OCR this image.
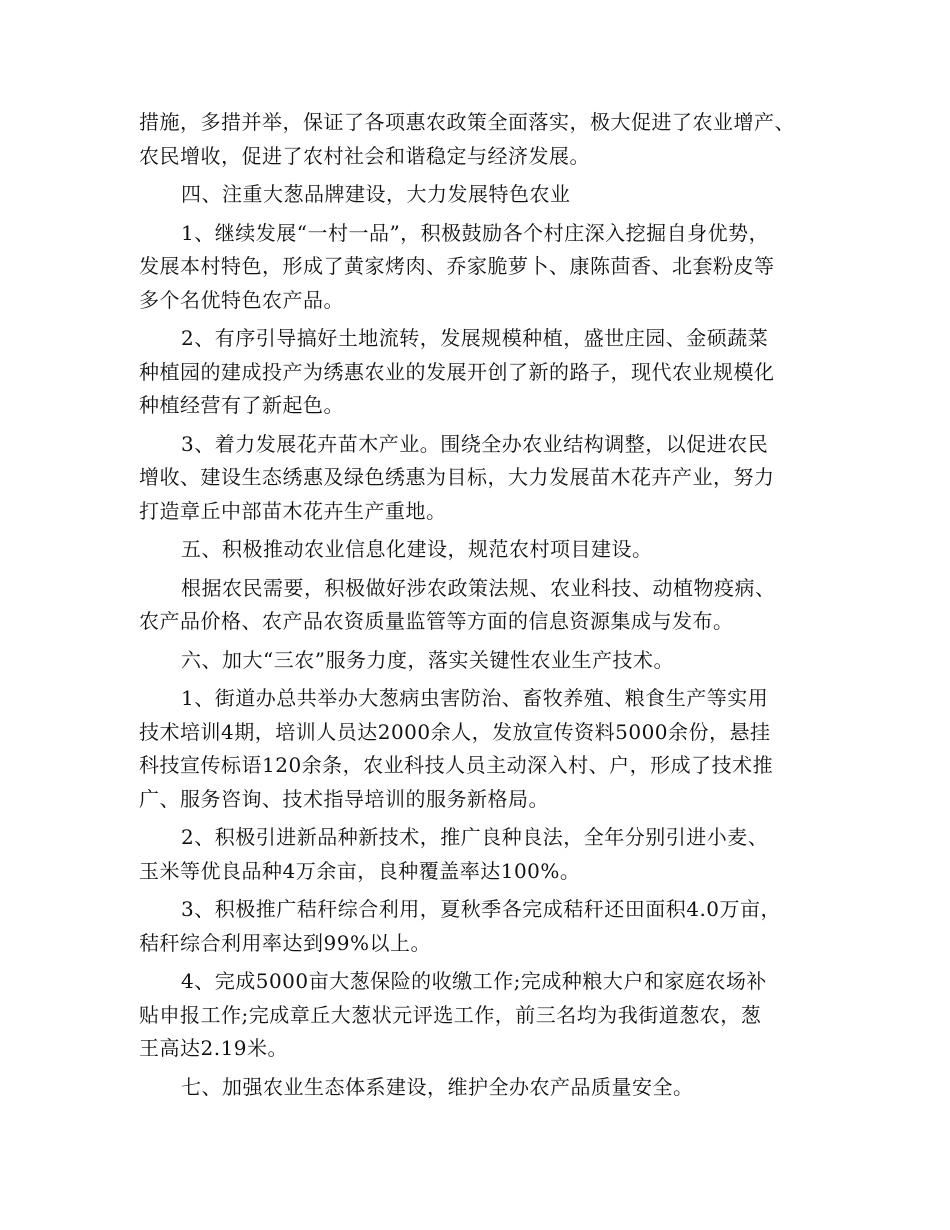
措施，多措并举，保证了各项惠农政策全面落实，极大促进了农业增产、
农民增收，促进了农村社会和谐稳定与经济发展。
四、注重大葱品牌建设，大力发展特色农业
1、继续发展“一村一品”，积极鼓励各个村庄深入挖掘自身优势，
发展本村特色，形成了黄家烤肉、乔家脆萝卜、康陈茴香、北套粉皮等
多个名优特色农产品。
2、有序引导搞好土地流转，发展规模种植，盛世庄园、金硕蔬菜
种植园的建成投产为绣惠农业的发展开创了新的路子，现代农业规模化
种植经营有了新起色。
3、着力发展花卉苗木产业。围绕全办农业结构调整，以促进农民
增收、建设生态绣惠及绿色绣惠为目标，大力发展苗木花卉产业，努力
打造章丘中部苗木花卉生产重地。
五、积极推动农业信息化建设，规范农村项目建设。
根据农民需要，积极做好涉农政策法规、农业科技、动植物疫病、
农产品价格、农产品农资质量监管等方面的信息资源集成与发布。
六、加大“三农”服务力度，落实关键性农业生产技术。
1、街道办总共举办大葱病虫害防治、畜牧养殖、粮食生产等实用
技术培训4期，培训人员达2000余人，发放宣传资料5000余份，悬挂
科技宣传标语120余条，农业科技人员主动深入村、户，形成了技术推
广、服务咨询、技术指导培训的服务新格局。
2、积极引进新品种新技术，推广良种良法，全年分别引进小麦、
玉米等优良品种4万余亩，良种覆盖率达100%。
3、积极推广秸秆综合利用，夏秋季各完成秸秆还田面积4.0万亩，
秸秆综合利用率达到99%以上。
4、完成5000亩大葱保险的收缴工作;完成种粮大户和家庭农场补
贴申报工作;完成章丘大葱状元评选工作，前三名均为我街道葱农，葱
王高达2.19米。
七、加强农业生态体系建设，维护全办农产品质量安全。
